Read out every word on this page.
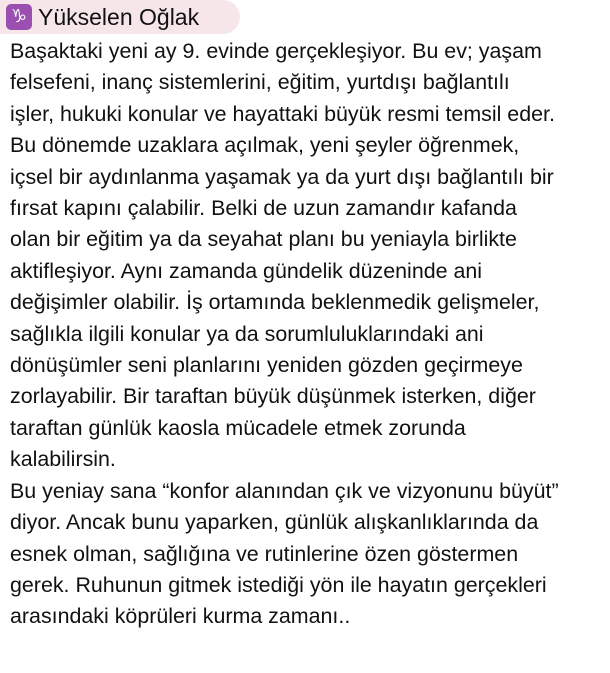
♑ Yükselen Oğlak
Başaktaki yeni ay 9. evinde gerçekleşiyor. Bu ev; yaşam
felsefeni, inanç sistemlerini, eğitim, yurtdışı bağlantılı
işler, hukuki konular ve hayattaki büyük resmi temsil eder.
Bu dönemde uzaklara açılmak, yeni şeyler öğrenmek,
içsel bir aydınlanma yaşamak ya da yurt dışı bağlantılı bir
fırsat kapını çalabilir. Belki de uzun zamandır kafanda
olan bir eğitim ya da seyahat planı bu yeniayla birlikte
aktifleşiyor. Aynı zamanda gündelik düzeninde ani
değişimler olabilir. İş ortamında beklenmedik gelişmeler,
sağlıkla ilgili konular ya da sorumluluklarındaki ani
dönüşümler seni planlarını yeniden gözden geçirmeye
zorlayabilir. Bir taraftan büyük düşünmek isterken, diğer
taraftan günlük kaosla mücadele etmek zorunda
kalabilirsin.
Bu yeniay sana “konfor alanından çık ve vizyonunu büyüt”
diyor. Ancak bunu yaparken, günlük alışkanlıklarında da
esnek olman, sağlığına ve rutinlerine özen göstermen
gerek. Ruhunun gitmek istediği yön ile hayatın gerçekleri
arasındaki köprüleri kurma zamanı..
